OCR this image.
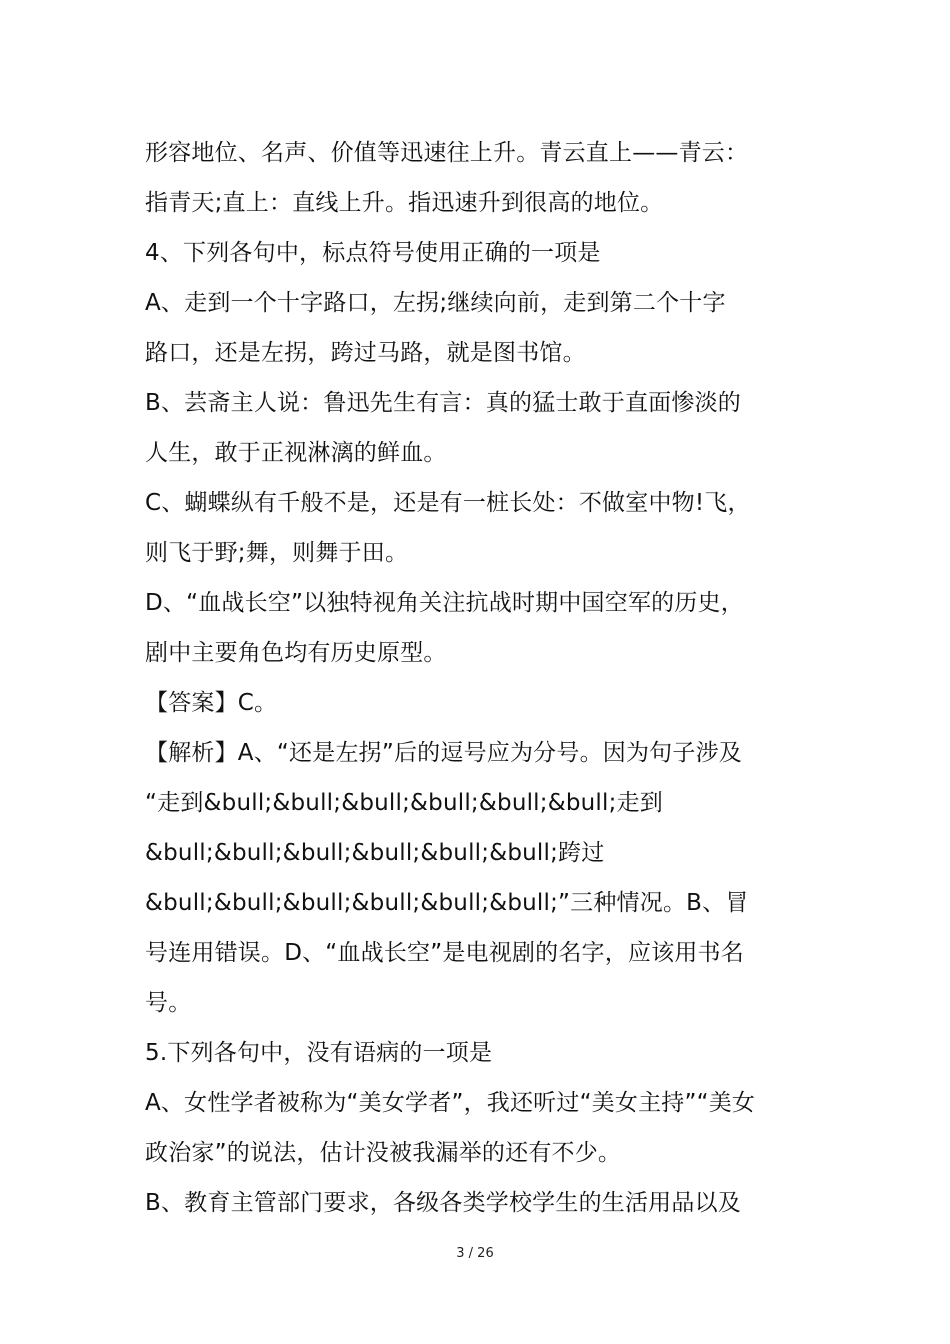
形容地位、名声、价值等迅速往上升。青云直上——青云：
指青天;直上：直线上升。指迅速升到很高的地位。
4、下列各句中，标点符号使用正确的一项是
A、走到一个十字路口，左拐;继续向前，走到第二个十字
路口，还是左拐，跨过马路，就是图书馆。
B、芸斋主人说：鲁迅先生有言：真的猛士敢于直面惨淡的
人生，敢于正视淋漓的鲜血。
C、蝴蝶纵有千般不是，还是有一桩长处：不做室中物!飞，
则飞于野;舞，则舞于田。
D、“血战长空”以独特视角关注抗战时期中国空军的历史，
剧中主要角色均有历史原型。
【答案】C。
【解析】A、“还是左拐”后的逗号应为分号。因为句子涉及
“走到&bull;&bull;&bull;&bull;&bull;&bull;走到
&bull;&bull;&bull;&bull;&bull;&bull;跨过
&bull;&bull;&bull;&bull;&bull;&bull;”三种情况。B、冒
号连用错误。D、“血战长空”是电视剧的名字，应该用书名
号。
5.下列各句中，没有语病的一项是
A、女性学者被称为“美女学者”，我还听过“美女主持”“美女
政治家”的说法，估计没被我漏举的还有不少。
B、教育主管部门要求，各级各类学校学生的生活用品以及
3 / 26
